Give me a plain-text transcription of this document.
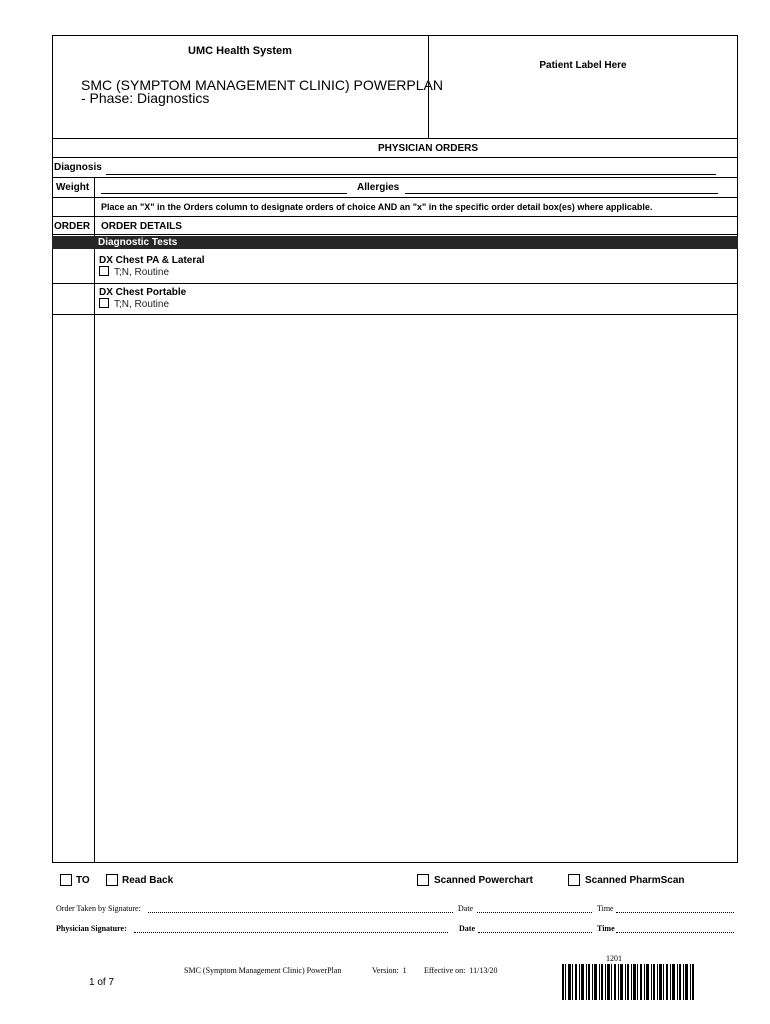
UMC Health System
SMC (SYMPTOM MANAGEMENT CLINIC) POWERPLAN
- Phase: Diagnostics
Patient Label Here
PHYSICIAN ORDERS
Diagnosis
Weight	Allergies
Place an "X" in the Orders column to designate orders of choice AND an "x" in the specific order detail box(es) where applicable.
ORDER ORDER DETAILS
Diagnostic Tests
DX Chest PA & Lateral
T;N, Routine
DX Chest Portable
T;N, Routine
TO	Read Back	Scanned Powerchart	Scanned PharmScan
Order Taken by Signature:	Date	Time
Physician Signature:	Date	Time
1 of 7
SMC (Symptom Management Clinic) PowerPlan	Version:  1 Effective on:  11/13/20
1201
